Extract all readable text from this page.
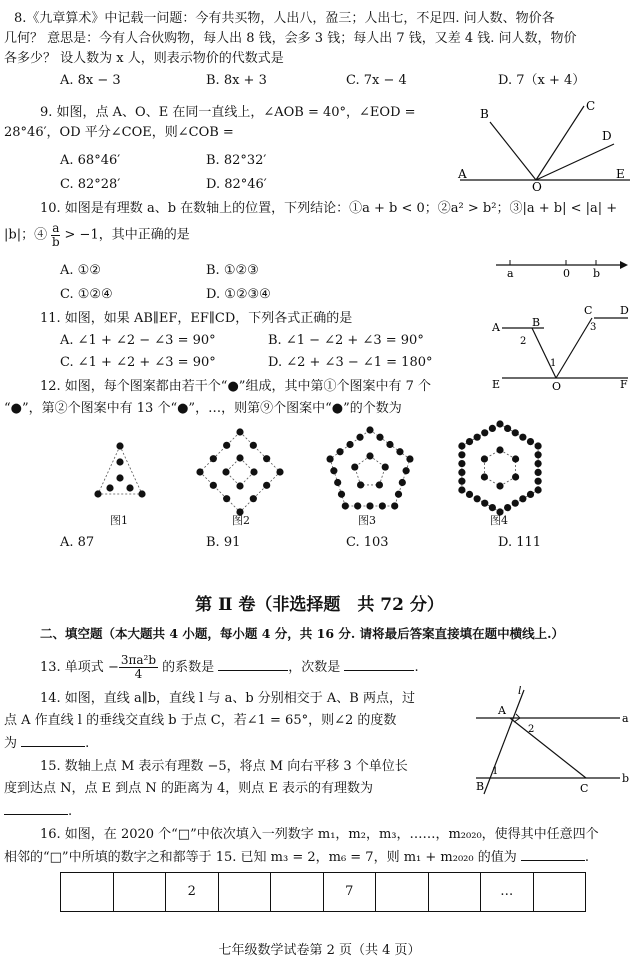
8.《九章算术》中记载一问题：今有共买物，人出八，盈三；人出七，不足四. 问人数、物价各
几何？ 意思是：今有人合伙购物，每人出 8 钱，会多 3 钱；每人出 7 钱，又差 4 钱. 问人数，物价
各多少？ 设人数为 x 人，则表示物价的代数式是
A. 8x − 3	B. 8x + 3	C. 7x − 4	D. 7（x + 4）
9. 如图，点 A、O、E 在同一直线上，∠AOB = 40°，∠EOD =
28°46′，OD 平分∠COE，则∠COB =
A. 68°46′	B. 82°32′
C. 82°28′	D. 82°46′
B
C
D
A
O
E
10. 如图是有理数 a、b 在数轴上的位置，下列结论：①a + b < 0；②a² > b²；③|a + b| < |a| +
|b|；④ $\frac{a}{b} > -1$，其中正确的是
A. ①②	B. ①②③
C. ①②④	D. ①②③④
a	0 b
11. 如图，如果 AB∥EF，EF∥CD，下列各式正确的是
A. ∠1 + ∠2 − ∠3 = 90°	B. ∠1 − ∠2 + ∠3 = 90°
C. ∠1 + ∠2 + ∠3 = 90°	D. ∠2 + ∠3 − ∠1 = 180°
A	B
C	D
E	O	F
2
1
3
12. 如图，每个图案都由若干个“●”组成，其中第①个图案中有 7 个
“●”，第②个图案中有 13 个“●”，…，则第⑨个图案中“●”的个数为
图1	图2	图3	图4
A. 87	B. 91	C. 103	D. 111
第 Ⅱ 卷（非选择题　共 72 分）
二、填空题（本大题共 4 小题，每小题 4 分，共 16 分. 请将最后答案直接填在题中横线上.）
13. 单项式 − $\frac{\text{3πa²b}}{4}$ 的系数是	，次数是	.
14. 如图，直线 a∥b，直线 l 与 a、b 分别相交于 A、B 两点，过
点 A 作直线 l 的垂线交直线 b 于点 C，若∠1 = 65°，则∠2 的度数
为	.
l
a
b
A
B	C
1
2
15. 数轴上点 M 表示有理数 −5，将点 M 向右平移 3 个单位长
度到达点 N，点 E 到点 N 的距离为 4，则点 E 表示的有理数为
.
16. 如图，在 2020 个“□”中依次填入一列数字 m₁，m₂，m₃，……，m₂₀₂₀，使得其中任意四个
相邻的“□”中所填的数字之和都等于 15. 已知 m₃ = 2，m₆ = 7，则 m₁ + m₂₀₂₀ 的值为	.
2	7	…
七年级数学试卷第 2 页（共 4 页）
